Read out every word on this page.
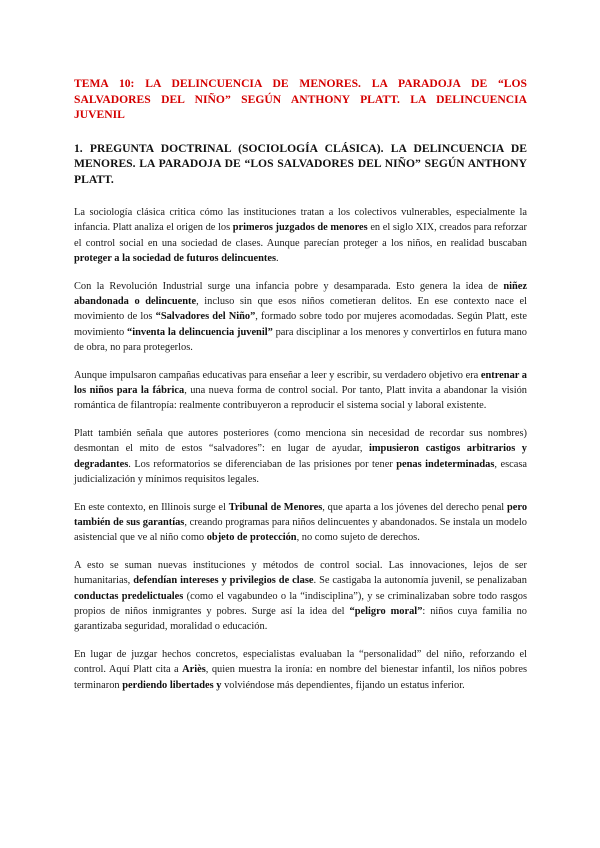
TEMA 10: LA DELINCUENCIA DE MENORES. LA PARADOJA DE “LOS SALVADORES DEL NIÑO” SEGÚN ANTHONY PLATT. LA DELINCUENCIA JUVENIL
1. PREGUNTA DOCTRINAL (SOCIOLOGÍA CLÁSICA). LA DELINCUENCIA DE MENORES. LA PARADOJA DE “LOS SALVADORES DEL NIÑO” SEGÚN ANTHONY PLATT.

La sociología clásica critica cómo las instituciones tratan a los colectivos vulnerables, especialmente la infancia. Platt analiza el origen de los primeros juzgados de menores en el siglo XIX, creados para reforzar el control social en una sociedad de clases. Aunque parecían proteger a los niños, en realidad buscaban proteger a la sociedad de futuros delincuentes.

Con la Revolución Industrial surge una infancia pobre y desamparada. Esto genera la idea de niñez abandonada o delincuente, incluso sin que esos niños cometieran delitos. En ese contexto nace el movimiento de los “Salvadores del Niño”, formado sobre todo por mujeres acomodadas. Según Platt, este movimiento “inventa la delincuencia juvenil” para disciplinar a los menores y convertirlos en futura mano de obra, no para protegerlos.

Aunque impulsaron campañas educativas para enseñar a leer y escribir, su verdadero objetivo era entrenar a los niños para la fábrica, una nueva forma de control social. Por tanto, Platt invita a abandonar la visión romántica de filantropía: realmente contribuyeron a reproducir el sistema social y laboral existente.

Platt también señala que autores posteriores (como menciona sin necesidad de recordar sus nombres) desmontan el mito de estos “salvadores”: en lugar de ayudar, impusieron castigos arbitrarios y degradantes. Los reformatorios se diferenciaban de las prisiones por tener penas indeterminadas, escasa judicialización y mínimos requisitos legales.

En este contexto, en Illinois surge el Tribunal de Menores, que aparta a los jóvenes del derecho penal pero también de sus garantías, creando programas para niños delincuentes y abandonados. Se instala un modelo asistencial que ve al niño como objeto de protección, no como sujeto de derechos.

A esto se suman nuevas instituciones y métodos de control social. Las innovaciones, lejos de ser humanitarias, defendían intereses y privilegios de clase. Se castigaba la autonomía juvenil, se penalizaban conductas predelictuales (como el vagabundeo o la “indisciplina”), y se criminalizaban sobre todo rasgos propios de niños inmigrantes y pobres. Surge así la idea del “peligro moral”: niños cuya familia no garantizaba seguridad, moralidad o educación.

En lugar de juzgar hechos concretos, especialistas evaluaban la “personalidad” del niño, reforzando el control. Aquí Platt cita a Ariès, quien muestra la ironía: en nombre del bienestar infantil, los niños pobres terminaron perdiendo libertades y volviéndose más dependientes, fijando un estatus inferior.
